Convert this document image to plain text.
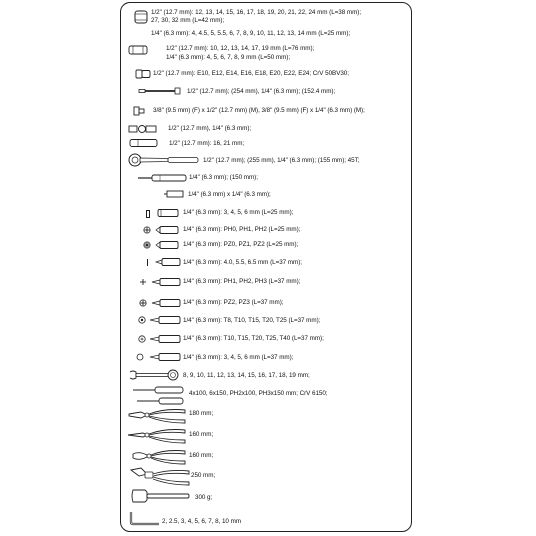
1/2" (12.7 mm): 12, 13, 14, 15, 16, 17, 18, 19, 20, 21, 22, 24 mm (L=38 mm);
27, 30, 32 mm (L=42 mm);
1/4" (6.3 mm): 4, 4.5, 5, 5.5, 6, 7, 8, 9, 10, 11, 12, 13, 14 mm (L=25 mm);
1/2" (12.7 mm): 10, 12, 13, 14, 17, 19 mm (L=76 mm);
1/4" (6.3 mm): 4, 5, 6, 7, 8, 9 mm (L=50 mm);
1/2" (12.7 mm): E10, E12, E14, E16, E18, E20, E22, E24; CrV 50BV30;
1/2" (12.7 mm); (254 mm), 1/4" (6.3 mm); (152.4 mm);
3/8" (9.5 mm) (F) x 1/2" (12.7 mm) (M), 3/8" (9.5 mm) (F) x 1/4" (6.3 mm) (M);
1/2" (12.7 mm), 1/4" (6.3 mm);
1/2" (12.7 mm): 16, 21 mm;
1/2" (12.7 mm); (255 mm), 1/4" (6.3 mm); (155 mm); 45T;
1/4" (6.3 mm); (150 mm);
1/4" (6.3 mm) x 1/4" (6.3 mm);
1/4" (6.3 mm): 3, 4, 5, 6 mm (L=25 mm);
1/4" (6.3 mm): PH0, PH1, PH2 (L=25 mm);
1/4" (6.3 mm): PZ0, PZ1, PZ2 (L=25 mm);
1/4" (6.3 mm): 4.0, 5.5, 6.5 mm (L=37 mm);
1/4" (6.3 mm): PH1, PH2, PH3 (L=37 mm);
1/4" (6.3 mm): PZ2, PZ3 (L=37 mm);
1/4" (6.3 mm): T8, T10, T15, T20, T25 (L=37 mm);
1/4" (6.3 mm): T10, T15, T20, T25, T40 (L=37 mm);
1/4" (6.3 mm): 3, 4, 5, 6 mm (L=37 mm);
8, 9, 10, 11, 12, 13, 14, 15, 16, 17, 18, 19 mm;
4x100, 6x150, PH2x100, PH3x150 mm; CrV 6150;
180 mm;
160 mm;
160 mm;
250 mm;
300 g;
2, 2.5, 3, 4, 5, 6, 7, 8, 10 mm
